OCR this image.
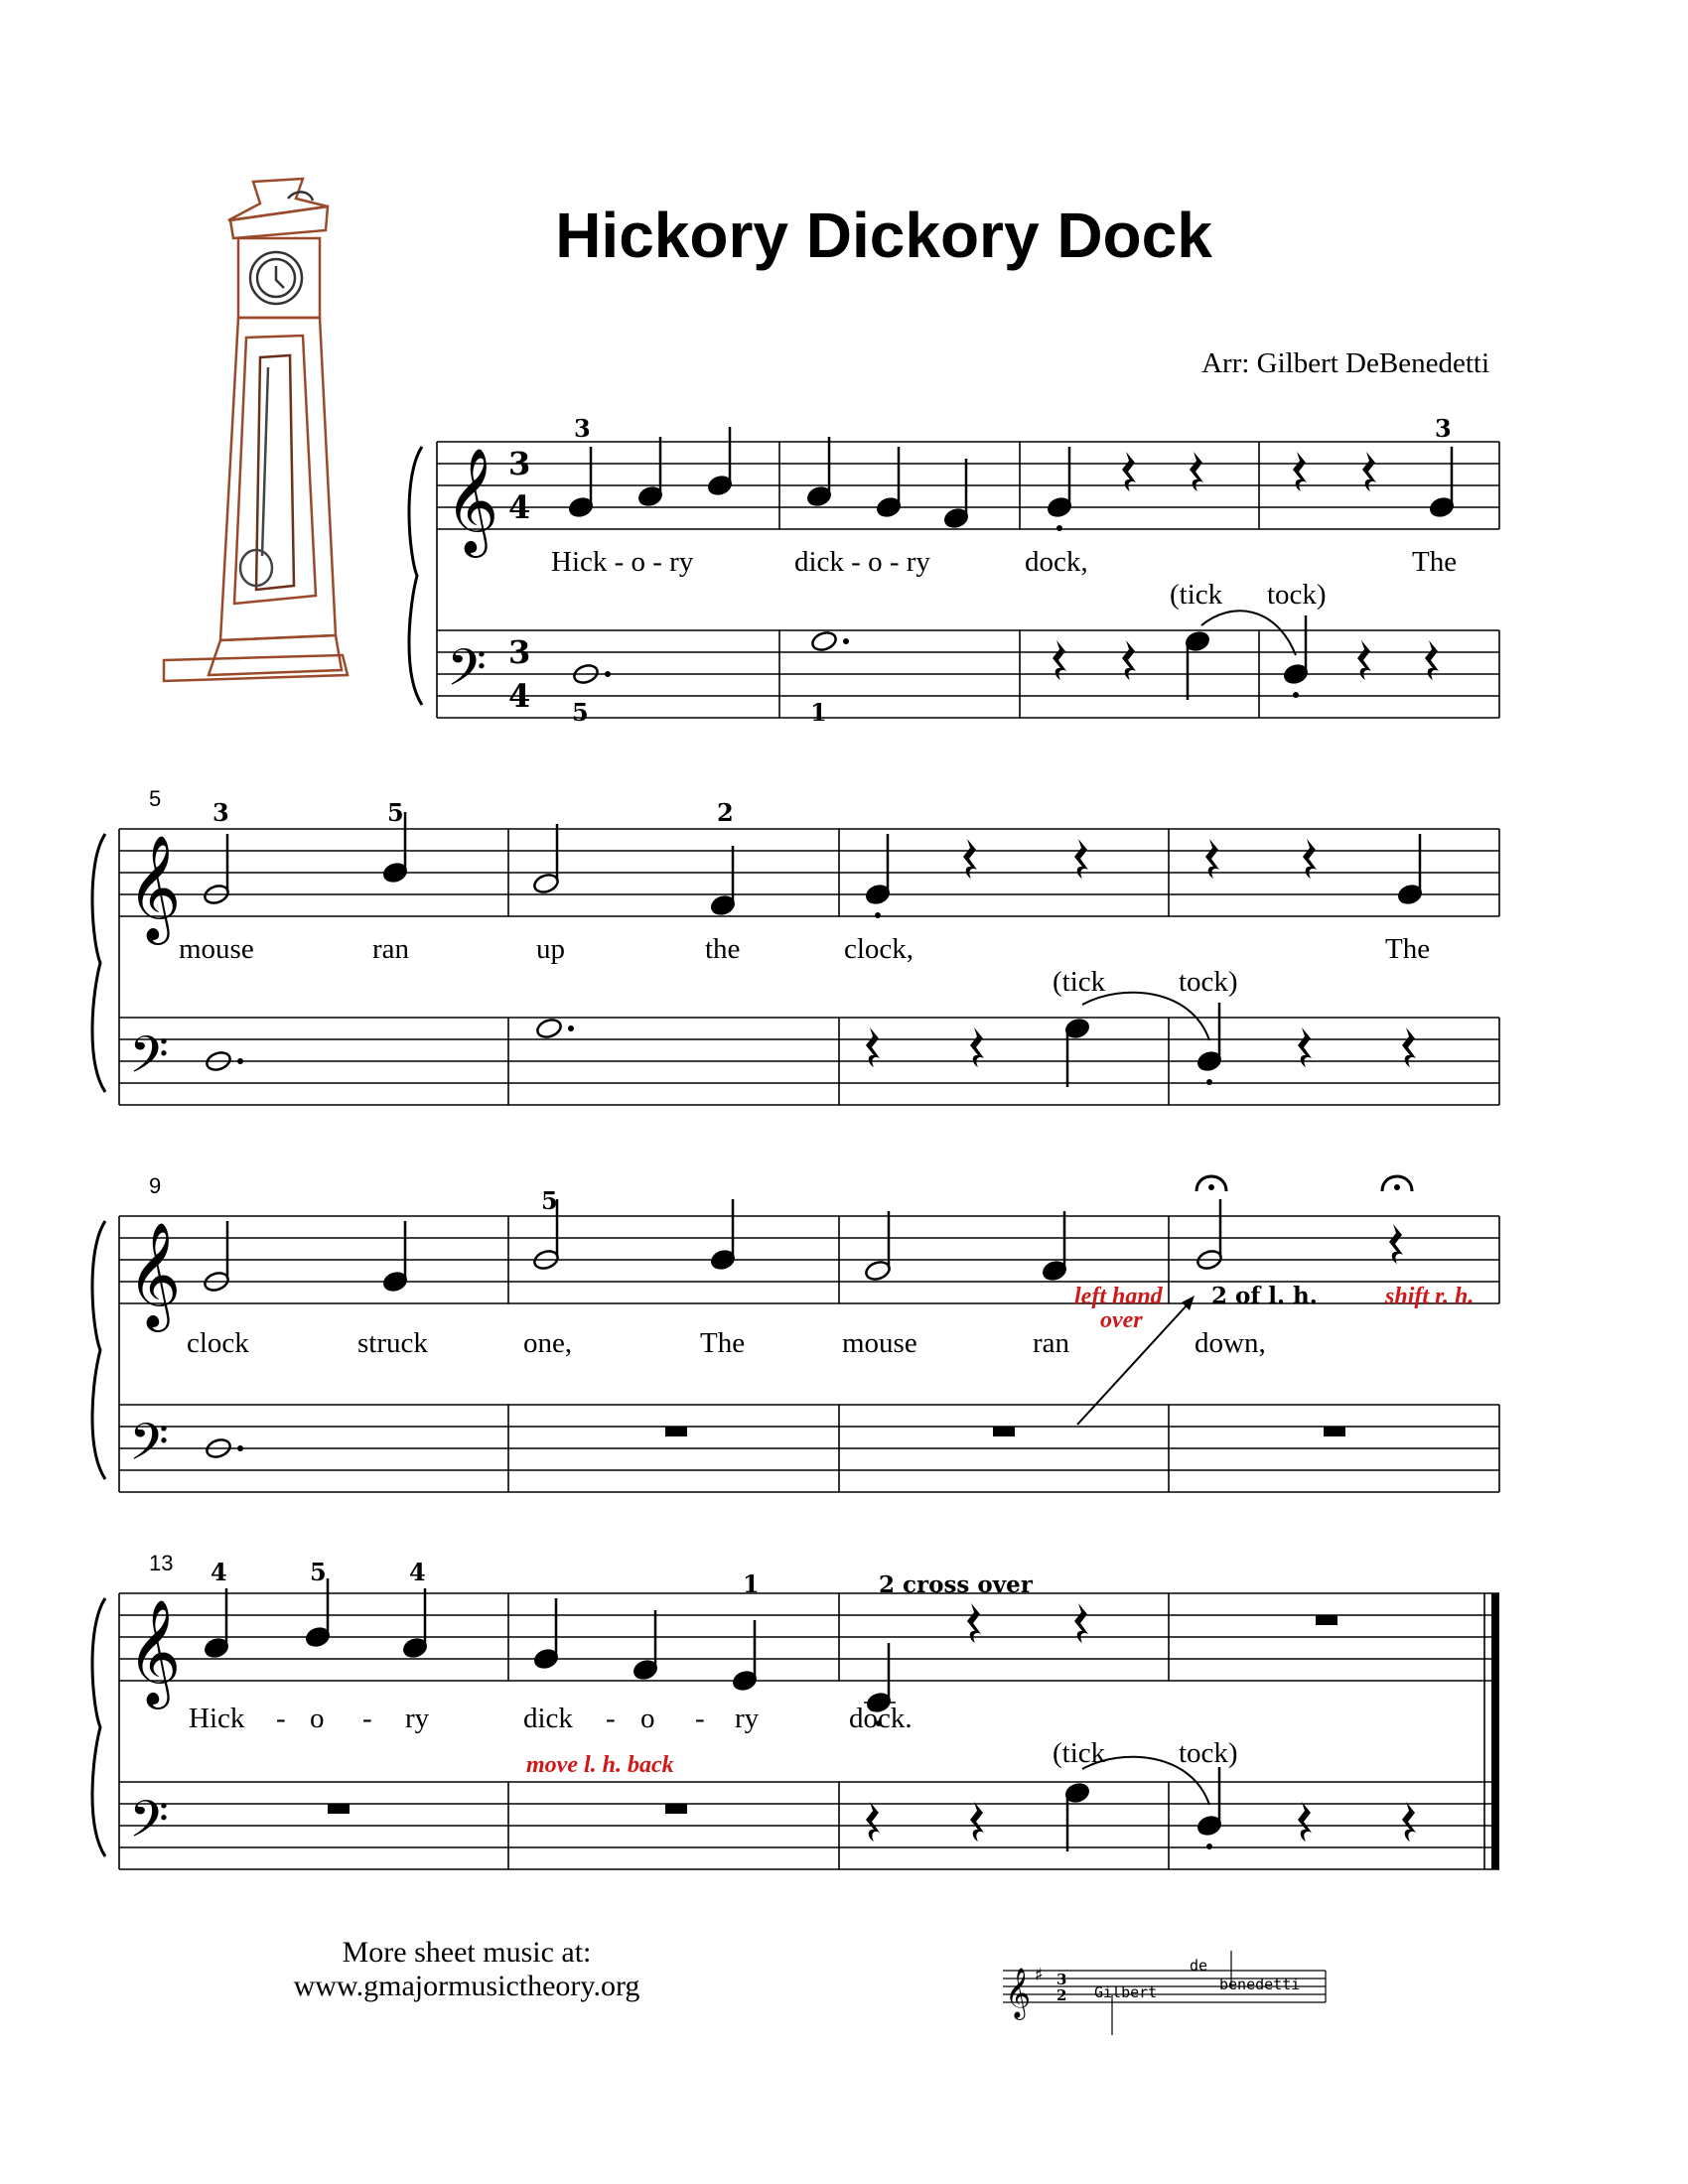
Hickory Dickory Dock
Arr: Gilbert DeBenedetti
𝄞
𝄢
3
4
3
4
3	3
5	1
Hick - o - ry	dick - o - ry	dock,	The
(tick tock)
5
𝄞
𝄢
3	5	2
mouse	ran	up	the	clock,	The
(tick	tock)
9
𝄞
𝄢
5
left hand
over
2 of l. h.	shift r. h.
clock	struck	one,	The	mouse	ran	down,
13
𝄞
𝄢
4	5	4	1	2 cross over
Hick - o - ry	dick - o - ry	dock.
move l. h. back	(tick	tock)
𝄞 ♯ 3
2 Gilbert
de
benedetti
More sheet music at:
www.gmajormusictheory.org
